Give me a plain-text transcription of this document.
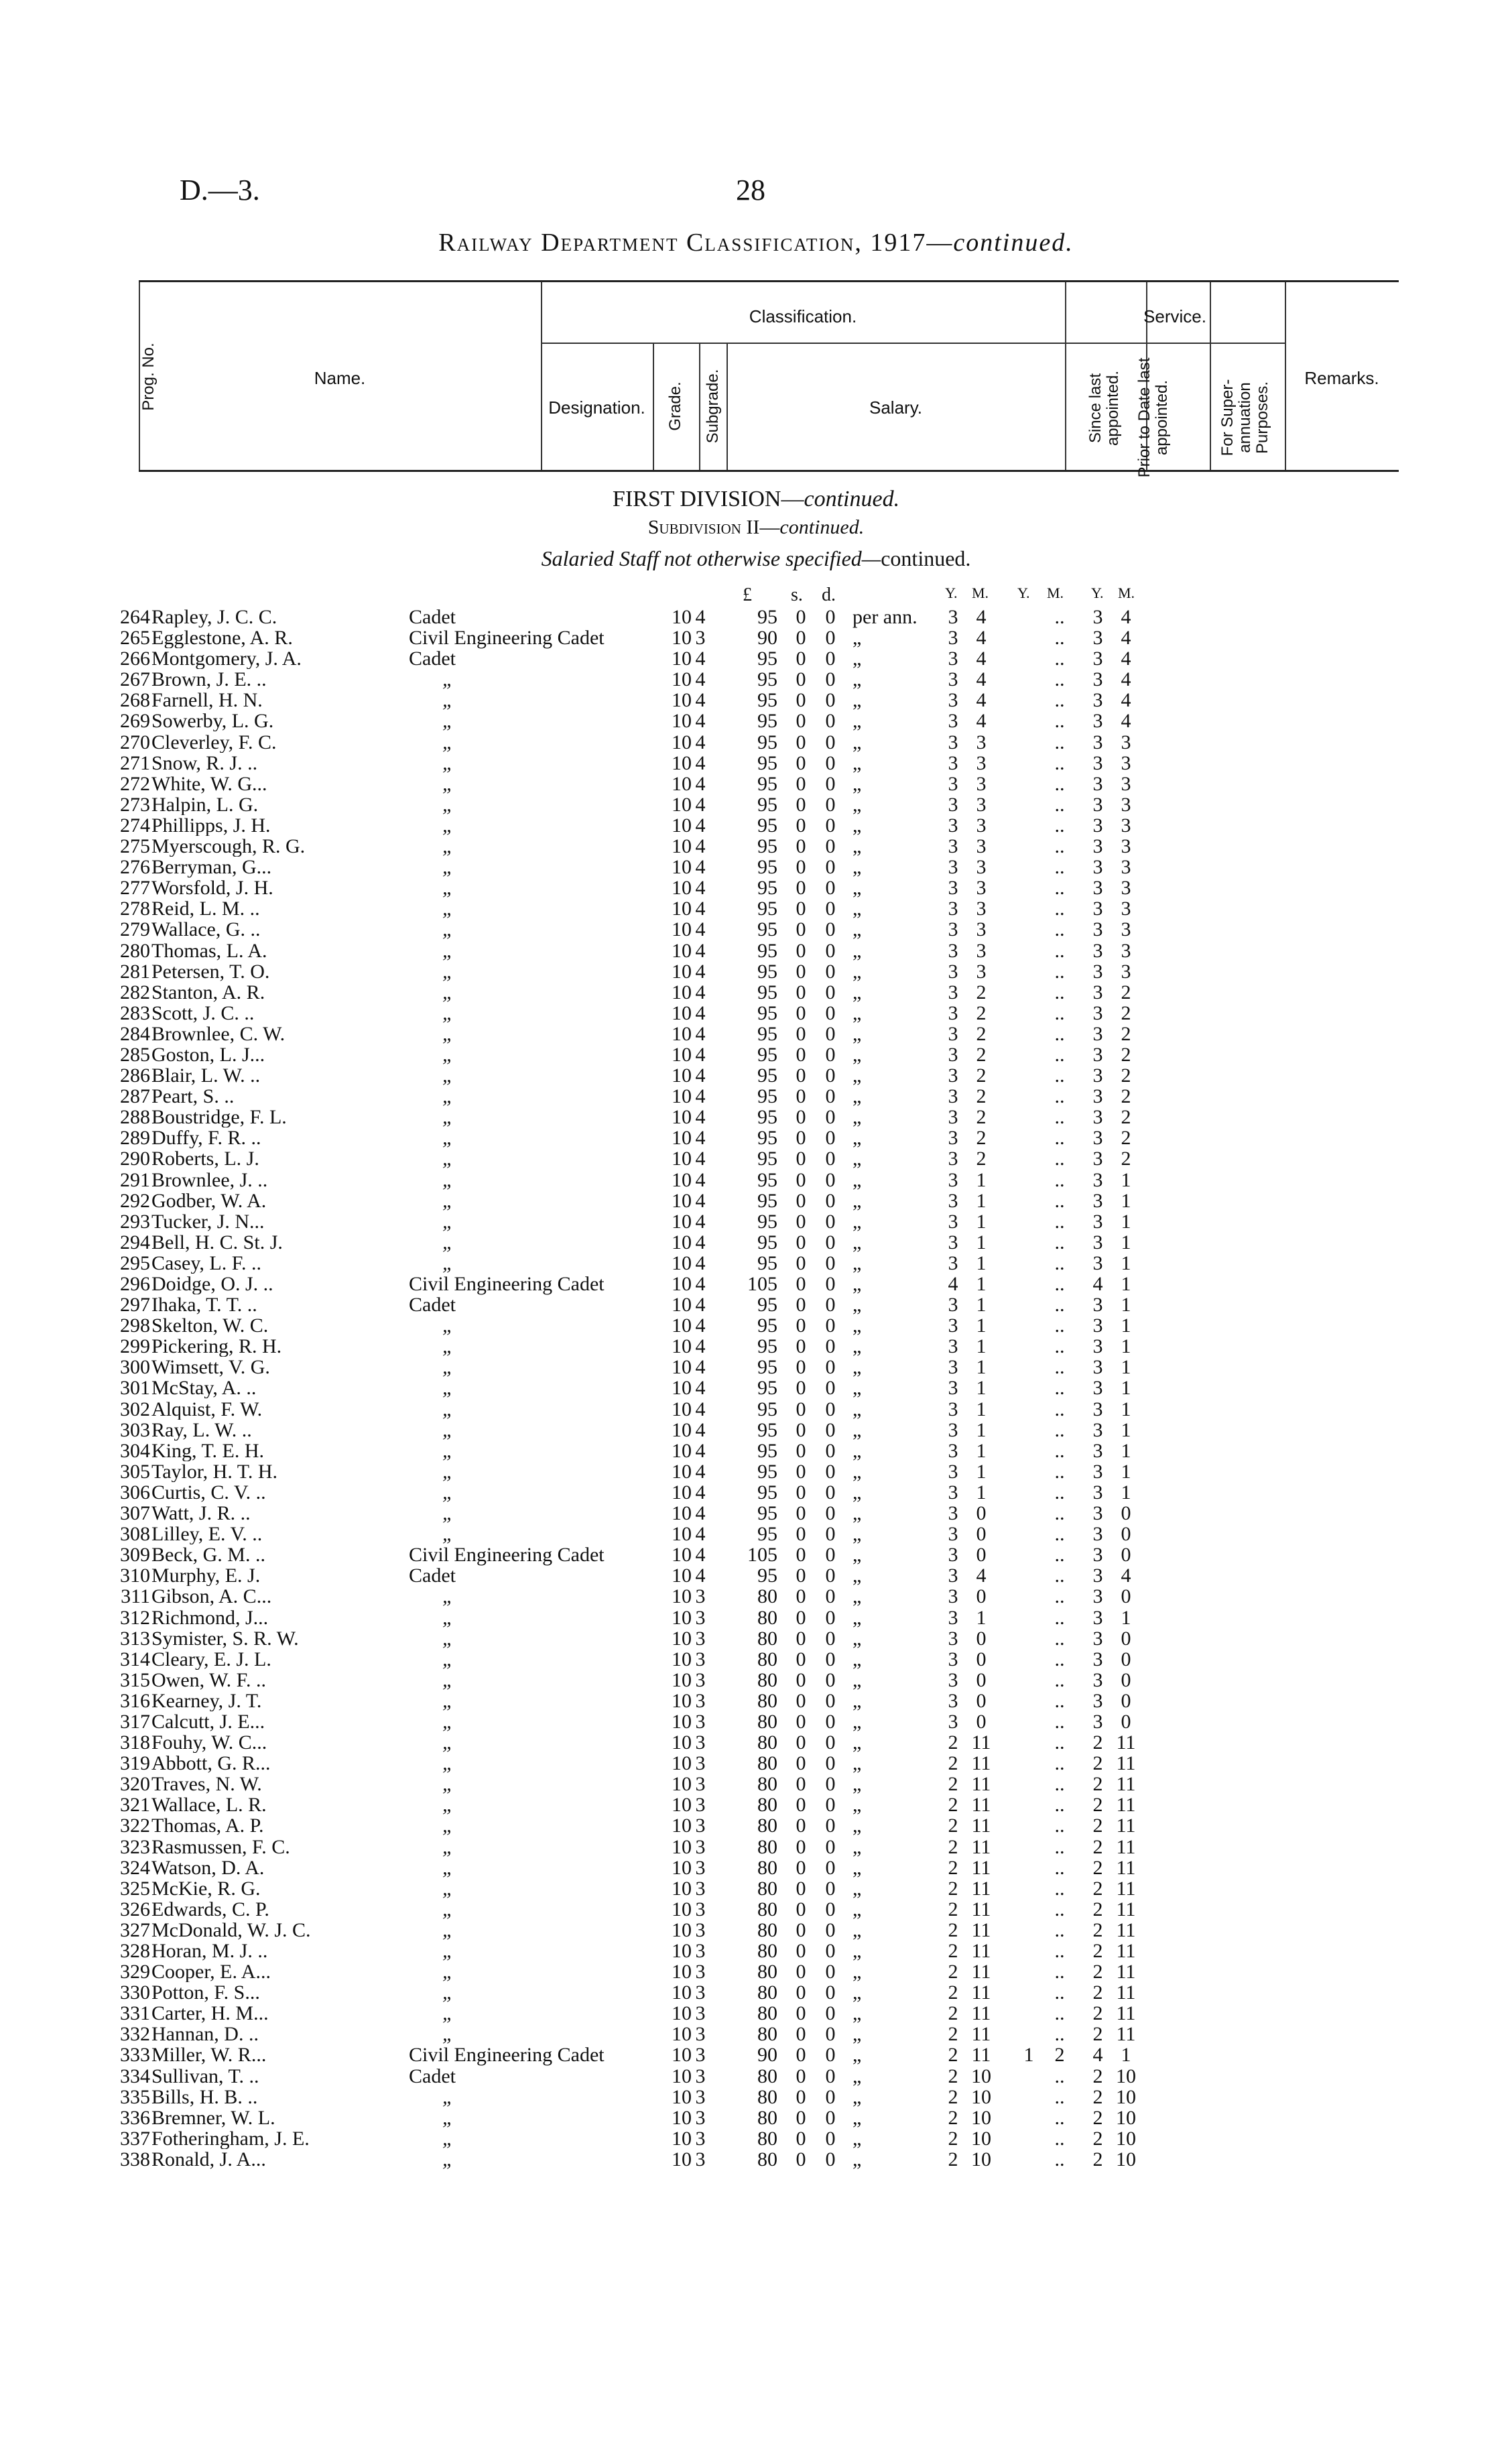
D.—3.	28
Railway Department Classification, 1917—continued.
Prog. No.	Name.
Classification.	Service.
Designation.	Grade. Subgrade.	Salary.	Since last appointed. Prior to Date last appointed.	For Super-annuation Purposes.
Remarks.
FIRST DIVISION—continued.
Subdivision II—continued.
Salaried Staff not otherwise specified—continued.
£ s. d.	Y. M. Y. M. Y. M.
264 Rapley, J. C. C.	Cadet	10 4	95 0 0 per ann.	3 4	.. 3 4
265 Egglestone, A. R.	Civil Engineering Cadet	10 3	90 0 0 „	3 4	.. 3 4
266 Montgomery, J. A.	Cadet	10 4	95 0 0 „	3 4	.. 3 4
267 Brown, J. E. ..	„	10 4	95 0 0 „	3 4	.. 3 4
268 Farnell, H. N.	„	10 4	95 0 0 „	3 4	.. 3 4
269 Sowerby, L. G.	„	10 4	95 0 0 „	3 4	.. 3 4
270 Cleverley, F. C.	„	10 4	95 0 0 „	3 3	.. 3 3
271 Snow, R. J. ..	„	10 4	95 0 0 „	3 3	.. 3 3
272 White, W. G...	„	10 4	95 0 0 „	3 3	.. 3 3
273 Halpin, L. G.	„	10 4	95 0 0 „	3 3	.. 3 3
274 Phillipps, J. H.	„	10 4	95 0 0 „	3 3	.. 3 3
275 Myerscough, R. G.	„	10 4	95 0 0 „	3 3	.. 3 3
276 Berryman, G...	„	10 4	95 0 0 „	3 3	.. 3 3
277 Worsfold, J. H.	„	10 4	95 0 0 „	3 3	.. 3 3
278 Reid, L. M. ..	„	10 4	95 0 0 „	3 3	.. 3 3
279 Wallace, G. ..	„	10 4	95 0 0 „	3 3	.. 3 3
280 Thomas, L. A.	„	10 4	95 0 0 „	3 3	.. 3 3
281 Petersen, T. O.	„	10 4	95 0 0 „	3 3	.. 3 3
282 Stanton, A. R.	„	10 4	95 0 0 „	3 2	.. 3 2
283 Scott, J. C. ..	„	10 4	95 0 0 „	3 2	.. 3 2
284 Brownlee, C. W.	„	10 4	95 0 0 „	3 2	.. 3 2
285 Goston, L. J...	„	10 4	95 0 0 „	3 2	.. 3 2
286 Blair, L. W. ..	„	10 4	95 0 0 „	3 2	.. 3 2
287 Peart, S. ..	„	10 4	95 0 0 „	3 2	.. 3 2
288 Boustridge, F. L.	„	10 4	95 0 0 „	3 2	.. 3 2
289 Duffy, F. R. ..	„	10 4	95 0 0 „	3 2	.. 3 2
290 Roberts, L. J.	„	10 4	95 0 0 „	3 2	.. 3 2
291 Brownlee, J. ..	„	10 4	95 0 0 „	3 1	.. 3 1
292 Godber, W. A.	„	10 4	95 0 0 „	3 1	.. 3 1
293 Tucker, J. N...	„	10 4	95 0 0 „	3 1	.. 3 1
294 Bell, H. C. St. J.	„	10 4	95 0 0 „	3 1	.. 3 1
295 Casey, L. F. ..	„	10 4	95 0 0 „	3 1	.. 3 1
296 Doidge, O. J. ..	Civil Engineering Cadet	10 4	105 0 0 „	4 1	.. 4 1
297 Ihaka, T. T. ..	Cadet	10 4	95 0 0 „	3 1	.. 3 1
298 Skelton, W. C.	„	10 4	95 0 0 „	3 1	.. 3 1
299 Pickering, R. H.	„	10 4	95 0 0 „	3 1	.. 3 1
300 Wimsett, V. G.	„	10 4	95 0 0 „	3 1	.. 3 1
301 McStay, A. ..	„	10 4	95 0 0 „	3 1	.. 3 1
302 Alquist, F. W.	„	10 4	95 0 0 „	3 1	.. 3 1
303 Ray, L. W. ..	„	10 4	95 0 0 „	3 1	.. 3 1
304 King, T. E. H.	„	10 4	95 0 0 „	3 1	.. 3 1
305 Taylor, H. T. H.	„	10 4	95 0 0 „	3 1	.. 3 1
306 Curtis, C. V. ..	„	10 4	95 0 0 „	3 1	.. 3 1
307 Watt, J. R. ..	„	10 4	95 0 0 „	3 0	.. 3 0
308 Lilley, E. V. ..	„	10 4	95 0 0 „	3 0	.. 3 0
309 Beck, G. M. ..	Civil Engineering Cadet	10 4	105 0 0 „	3 0	.. 3 0
310 Murphy, E. J.	Cadet	10 4	95 0 0 „	3 4	.. 3 4
311 Gibson, A. C...	„	10 3	80 0 0 „	3 0	.. 3 0
312 Richmond, J...	„	10 3	80 0 0 „	3 1	.. 3 1
313 Symister, S. R. W.	„	10 3	80 0 0 „	3 0	.. 3 0
314 Cleary, E. J. L.	„	10 3	80 0 0 „	3 0	.. 3 0
315 Owen, W. F. ..	„	10 3	80 0 0 „	3 0	.. 3 0
316 Kearney, J. T.	„	10 3	80 0 0 „	3 0	.. 3 0
317 Calcutt, J. E...	„	10 3	80 0 0 „	3 0	.. 3 0
318 Fouhy, W. C...	„	10 3	80 0 0 „	2 11	.. 2 11
319 Abbott, G. R...	„	10 3	80 0 0 „	2 11	.. 2 11
320 Traves, N. W.	„	10 3	80 0 0 „	2 11	.. 2 11
321 Wallace, L. R.	„	10 3	80 0 0 „	2 11	.. 2 11
322 Thomas, A. P.	„	10 3	80 0 0 „	2 11	.. 2 11
323 Rasmussen, F. C.	„	10 3	80 0 0 „	2 11	.. 2 11
324 Watson, D. A.	„	10 3	80 0 0 „	2 11	.. 2 11
325 McKie, R. G.	„	10 3	80 0 0 „	2 11	.. 2 11
326 Edwards, C. P.	„	10 3	80 0 0 „	2 11	.. 2 11
327 McDonald, W. J. C.	„	10 3	80 0 0 „	2 11	.. 2 11
328 Horan, M. J. ..	„	10 3	80 0 0 „	2 11	.. 2 11
329 Cooper, E. A...	„	10 3	80 0 0 „	2 11	.. 2 11
330 Potton, F. S...	„	10 3	80 0 0 „	2 11	.. 2 11
331 Carter, H. M...	„	10 3	80 0 0 „	2 11	.. 2 11
332 Hannan, D. ..	„	10 3	80 0 0 „	2 11	.. 2 11
333 Miller, W. R...	Civil Engineering Cadet	10 3	90 0 0 „	2 11 1 2 4 1
334 Sullivan, T. ..	Cadet	10 3	80 0 0 „	2 10	.. 2 10
335 Bills, H. B. ..	„	10 3	80 0 0 „	2 10	.. 2 10
336 Bremner, W. L.	„	10 3	80 0 0 „	2 10	.. 2 10
337 Fotheringham, J. E.	„	10 3	80 0 0 „	2 10	.. 2 10
338 Ronald, J. A...	„	10 3	80 0 0 „	2 10	.. 2 10
